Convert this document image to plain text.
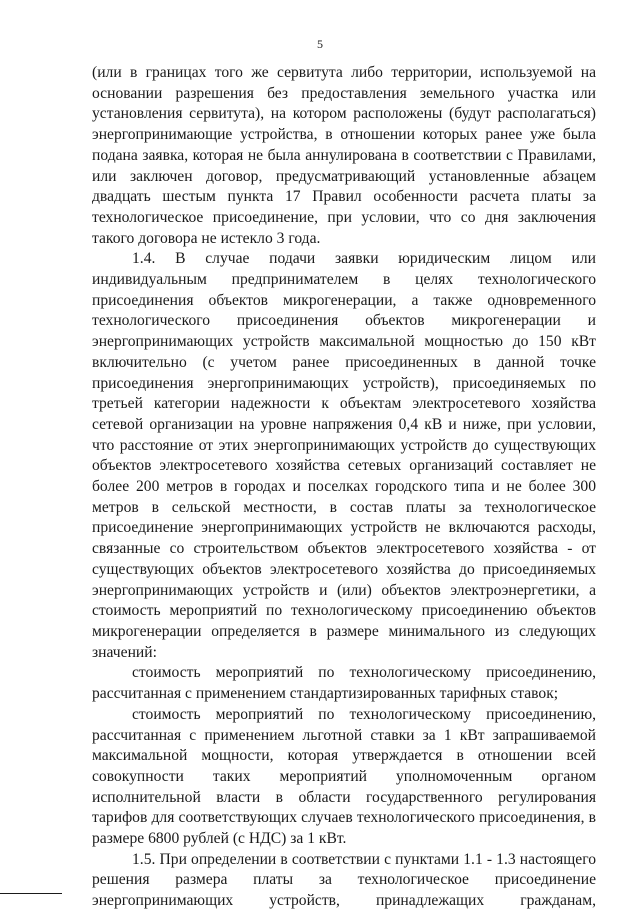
5

(или в границах того же сервитута либо территории, используемой на основании разрешения без предоставления земельного участка или установления сервитута), на котором расположены (будут располагаться) энергопринимающие устройства, в отношении которых ранее уже была подана заявка, которая не была аннулирована в соответствии с Правилами, или заключен договор, предусматривающий установленные абзацем двадцать шестым пункта 17 Правил особенности расчета платы за технологическое присоединение, при условии, что со дня заключения такого договора не истекло 3 года.

1.4. В случае подачи заявки юридическим лицом или индивидуальным предпринимателем в целях технологического присоединения объектов микрогенерации, а также одновременного технологического присоединения объектов микрогенерации и энергопринимающих устройств максимальной мощностью до 150 кВт включительно (с учетом ранее присоединенных в данной точке присоединения энергопринимающих устройств), присоединяемых по третьей категории надежности к объектам электросетевого хозяйства сетевой организации на уровне напряжения 0,4 кВ и ниже, при условии, что расстояние от этих энергопринимающих устройств до существующих объектов электросетевого хозяйства сетевых организаций составляет не более 200 метров в городах и поселках городского типа и не более 300 метров в сельской местности, в состав платы за технологическое присоединение энергопринимающих устройств не включаются расходы, связанные со строительством объектов электросетевого хозяйства - от существующих объектов электросетевого хозяйства до присоединяемых энергопринимающих устройств и (или) объектов электроэнергетики, а стоимость мероприятий по технологическому присоединению объектов микрогенерации определяется в размере минимального из следующих значений:

стоимость мероприятий по технологическому присоединению, рассчитанная с применением стандартизированных тарифных ставок;

стоимость мероприятий по технологическому присоединению, рассчитанная с применением льготной ставки за 1 кВт запрашиваемой максимальной мощности, которая утверждается в отношении всей совокупности таких мероприятий уполномоченным органом исполнительной власти в области государственного регулирования тарифов для соответствующих случаев технологического присоединения, в размере 6800 рублей (с НДС) за 1 кВт.

1.5. При определении в соответствии с пунктами 1.1 - 1.3 настоящего решения размера платы за технологическое присоединение энергопринимающих устройств, принадлежащих гражданам,
